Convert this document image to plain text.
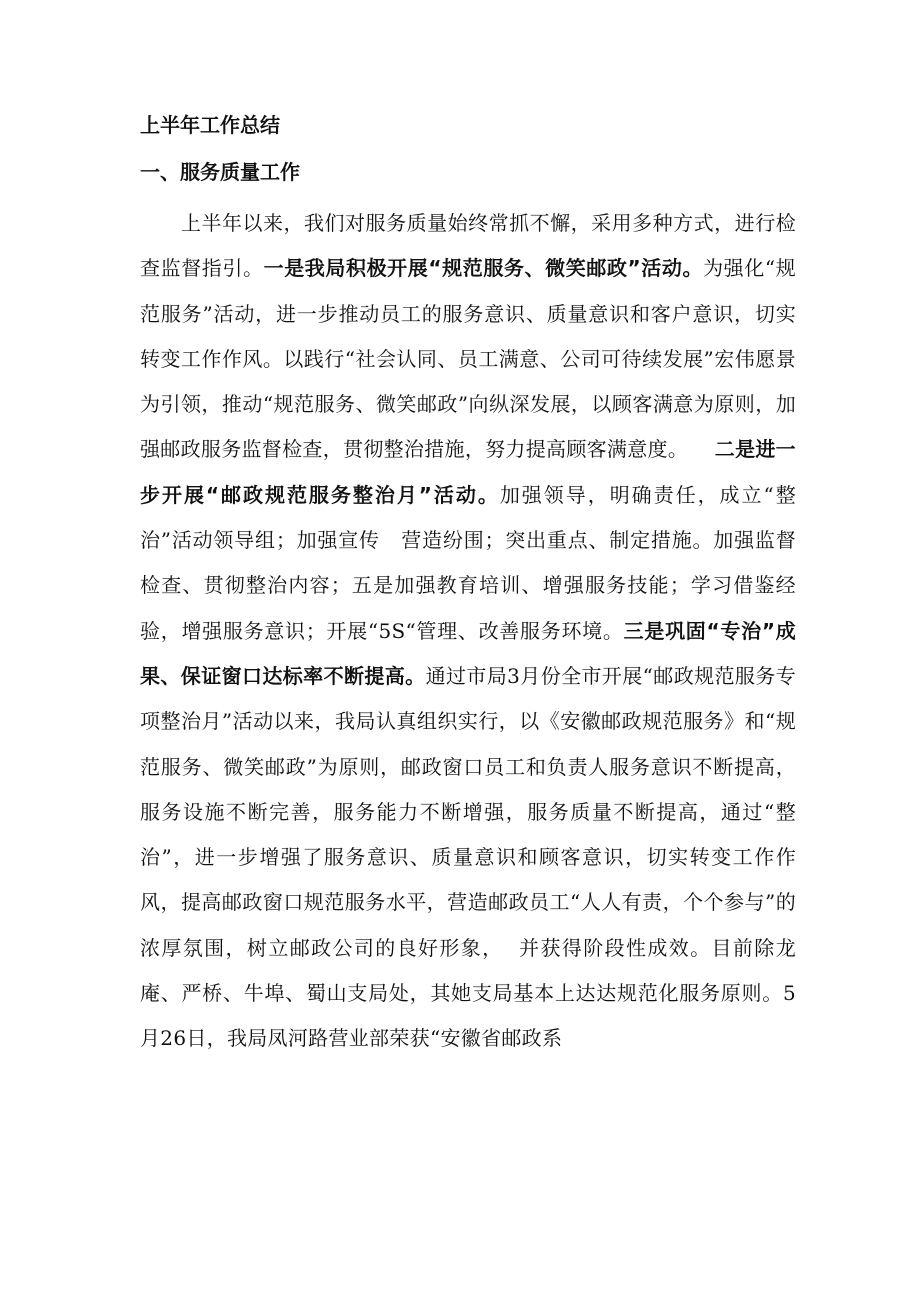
上半年工作总结

一、服务质量工作

上半年以来，我们对服务质量始终常抓不懈，采用多种方式，进行检查监督指引。一是我局积极开展“规范服务、微笑邮政”活动。为强化“规范服务”活动，进一步推动员工的服务意识、质量意识和客户意识，切实转变工作作风。以践行“社会认同、员工满意、公司可待续发展”宏伟愿景为引领，推动“规范服务、微笑邮政”向纵深发展，以顾客满意为原则，加强邮政服务监督检查，贯彻整治措施，努力提高顾客满意度。 二是进一步开展“邮政规范服务整治月”活动。加强领导，明确责任，成立“整治”活动领导组；加强宣传 营造纷围；突出重点、制定措施。加强监督检查、贯彻整治内容；五是加强教育培训、增强服务技能；学习借鉴经验，增强服务意识；开展“5S“管理、改善服务环境。三是巩固“专治”成果、保证窗口达标率不断提高。通过市局3月份全市开展“邮政规范服务专项整治月”活动以来，我局认真组织实行，以《安徽邮政规范服务》和“规范服务、微笑邮政”为原则，邮政窗口员工和负责人服务意识不断提高，服务设施不断完善，服务能力不断增强，服务质量不断提高，通过“整治”，进一步增强了服务意识、质量意识和顾客意识，切实转变工作作风，提高邮政窗口规范服务水平，营造邮政员工“人人有责，个个参与”的浓厚氛围，树立邮政公司的良好形象， 并获得阶段性成效。目前除龙庵、严桥、牛埠、蜀山支局处，其她支局基本上达达规范化服务原则。5月26日，我局凤河路营业部荣获“安徽省邮政系
